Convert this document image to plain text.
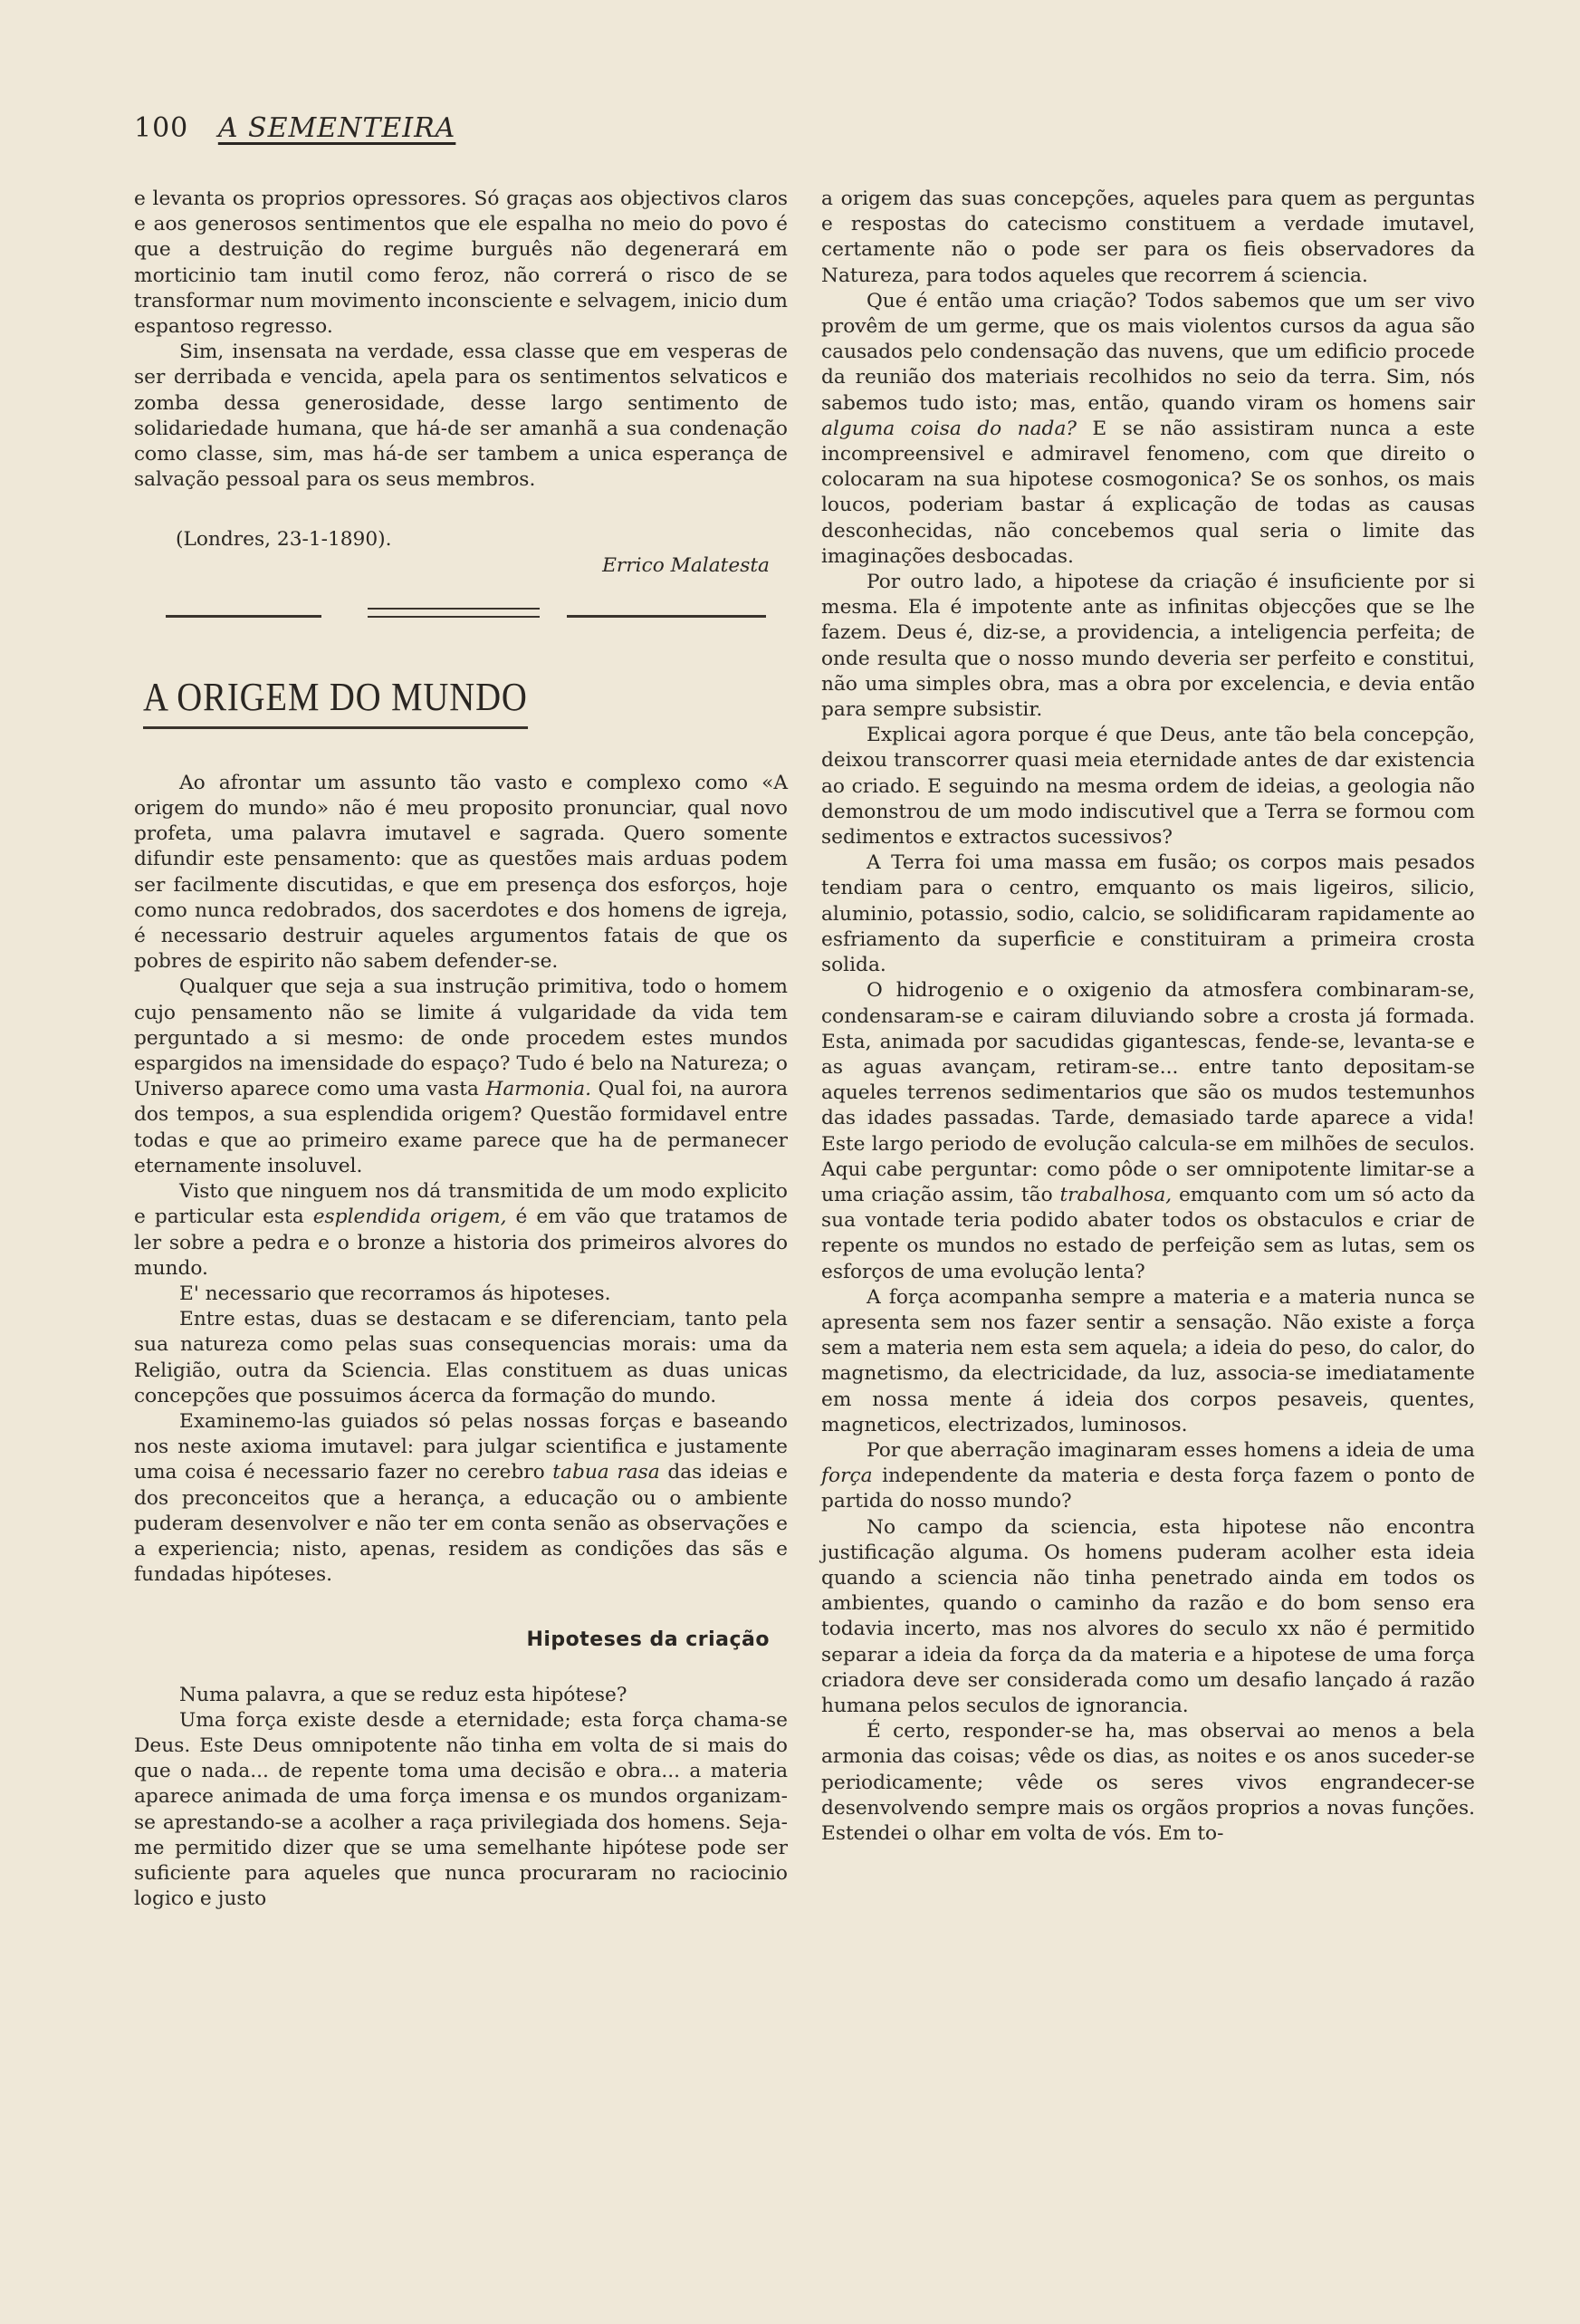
100 A SEMENTEIRA

e levanta os proprios opressores. Só graças aos objectivos claros e aos generosos sentimentos que ele espalha no meio do povo é que a destruição do regime burguês não degenerará em morticinio tam inutil como feroz, não correrá o risco de se transformar num movimento inconsciente e selvagem, inicio dum espantoso regresso.

Sim, insensata na verdade, essa classe que em vesperas de ser derribada e vencida, apela para os sentimentos selvaticos e zomba dessa generosidade, desse largo sentimento de solidariedade humana, que há-de ser amanhã a sua condenação como classe, sim, mas há-de ser tambem a unica esperança de salvação pessoal para os seus membros.

(Londres, 23-1-1890).

Errico Malatesta

A ORIGEM DO MUNDO

Ao afrontar um assunto tão vasto e complexo como «A origem do mundo» não é meu proposito pronunciar, qual novo profeta, uma palavra imutavel e sagrada. Quero somente difundir este pensamento: que as questões mais arduas podem ser facilmente discutidas, e que em presença dos esforços, hoje como nunca redobrados, dos sacerdotes e dos homens de igreja, é necessario destruir aqueles argumentos fatais de que os pobres de espirito não sabem defender-se.

Qualquer que seja a sua instrução primitiva, todo o homem cujo pensamento não se limite á vulgaridade da vida tem perguntado a si mesmo: de onde procedem estes mundos espargidos na imensidade do espaço? Tudo é belo na Natureza; o Universo aparece como uma vasta Harmonia. Qual foi, na aurora dos tempos, a sua esplendida origem? Questão formidavel entre todas e que ao primeiro exame parece que ha de permanecer eternamente insoluvel.

Visto que ninguem nos dá transmitida de um modo explicito e particular esta esplendida origem, é em vão que tratamos de ler sobre a pedra e o bronze a historia dos primeiros alvores do mundo.

E' necessario que recorramos ás hipoteses.

Entre estas, duas se destacam e se diferenciam, tanto pela sua natureza como pelas suas consequencias morais: uma da Religião, outra da Sciencia. Elas constituem as duas unicas concepções que possuimos ácerca da formação do mundo.

Examinemo-las guiados só pelas nossas forças e baseando nos neste axioma imutavel: para julgar scientifica e justamente uma coisa é necessario fazer no cerebro tabua rasa das ideias e dos preconceitos que a herança, a educação ou o ambiente puderam desenvolver e não ter em conta senão as observações e a experiencia; nisto, apenas, residem as condições das sãs e fundadas hipóteses.

Hipoteses da criação

Numa palavra, a que se reduz esta hipótese?

Uma força existe desde a eternidade; esta força chama-se Deus. Este Deus omnipotente não tinha em volta de si mais do que o nada... de repente toma uma decisão e obra... a materia aparece animada de uma força imensa e os mundos organizam-se aprestando-se a acolher a raça privilegiada dos homens. Seja-me permitido dizer que se uma semelhante hipótese pode ser suficiente para aqueles que nunca procuraram no raciocinio logico e justo

a origem das suas concepções, aqueles para quem as perguntas e respostas do catecismo constituem a verdade imutavel, certamente não o pode ser para os fieis observadores da Natureza, para todos aqueles que recorrem á sciencia.

Que é então uma criação? Todos sabemos que um ser vivo provêm de um germe, que os mais violentos cursos da agua são causados pelo condensação das nuvens, que um edificio procede da reunião dos materiais recolhidos no seio da terra. Sim, nós sabemos tudo isto; mas, então, quando viram os homens sair alguma coisa do nada? E se não assistiram nunca a este incompreensivel e admiravel fenomeno, com que direito o colocaram na sua hipotese cosmogonica? Se os sonhos, os mais loucos, poderiam bastar á explicação de todas as causas desconhecidas, não concebemos qual seria o limite das imaginações desbocadas.

Por outro lado, a hipotese da criação é insuficiente por si mesma. Ela é impotente ante as infinitas objecções que se lhe fazem. Deus é, diz-se, a providencia, a inteligencia perfeita; de onde resulta que o nosso mundo deveria ser perfeito e constitui, não uma simples obra, mas a obra por excelencia, e devia então para sempre subsistir.

Explicai agora porque é que Deus, ante tão bela concepção, deixou transcorrer quasi meia eternidade antes de dar existencia ao criado. E seguindo na mesma ordem de ideias, a geologia não demonstrou de um modo indiscutivel que a Terra se formou com sedimentos e extractos sucessivos?

A Terra foi uma massa em fusão; os corpos mais pesados tendiam para o centro, emquanto os mais ligeiros, silicio, aluminio, potassio, sodio, calcio, se solidificaram rapidamente ao esfriamento da superficie e constituiram a primeira crosta solida.

O hidrogenio e o oxigenio da atmosfera combinaram-se, condensaram-se e cairam diluviando sobre a crosta já formada. Esta, animada por sacudidas gigantescas, fende-se, levanta-se e as aguas avançam, retiram-se... entre tanto depositam-se aqueles terrenos sedimentarios que são os mudos testemunhos das idades passadas. Tarde, demasiado tarde aparece a vida! Este largo periodo de evolução calcula-se em milhões de seculos. Aqui cabe perguntar: como pôde o ser omnipotente limitar-se a uma criação assim, tão trabalhosa, emquanto com um só acto da sua vontade teria podido abater todos os obstaculos e criar de repente os mundos no estado de perfeição sem as lutas, sem os esforços de uma evolução lenta?

A força acompanha sempre a materia e a materia nunca se apresenta sem nos fazer sentir a sensação. Não existe a força sem a materia nem esta sem aquela; a ideia do peso, do calor, do magnetismo, da electricidade, da luz, associa-se imediatamente em nossa mente á ideia dos corpos pesaveis, quentes, magneticos, electrizados, luminosos.

Por que aberração imaginaram esses homens a ideia de uma força independente da materia e desta força fazem o ponto de partida do nosso mundo?

No campo da sciencia, esta hipotese não encontra justificação alguma. Os homens puderam acolher esta ideia quando a sciencia não tinha penetrado ainda em todos os ambientes, quando o caminho da razão e do bom senso era todavia incerto, mas nos alvores do seculo xx não é permitido separar a ideia da força da da materia e a hipotese de uma força criadora deve ser considerada como um desafio lançado á razão humana pelos seculos de ignorancia.

É certo, responder-se ha, mas observai ao menos a bela armonia das coisas; vêde os dias, as noites e os anos suceder-se periodicamente; vêde os seres vivos engrandecer-se desenvolvendo sempre mais os orgãos proprios a novas funções. Estendei o olhar em volta de vós. Em to-
